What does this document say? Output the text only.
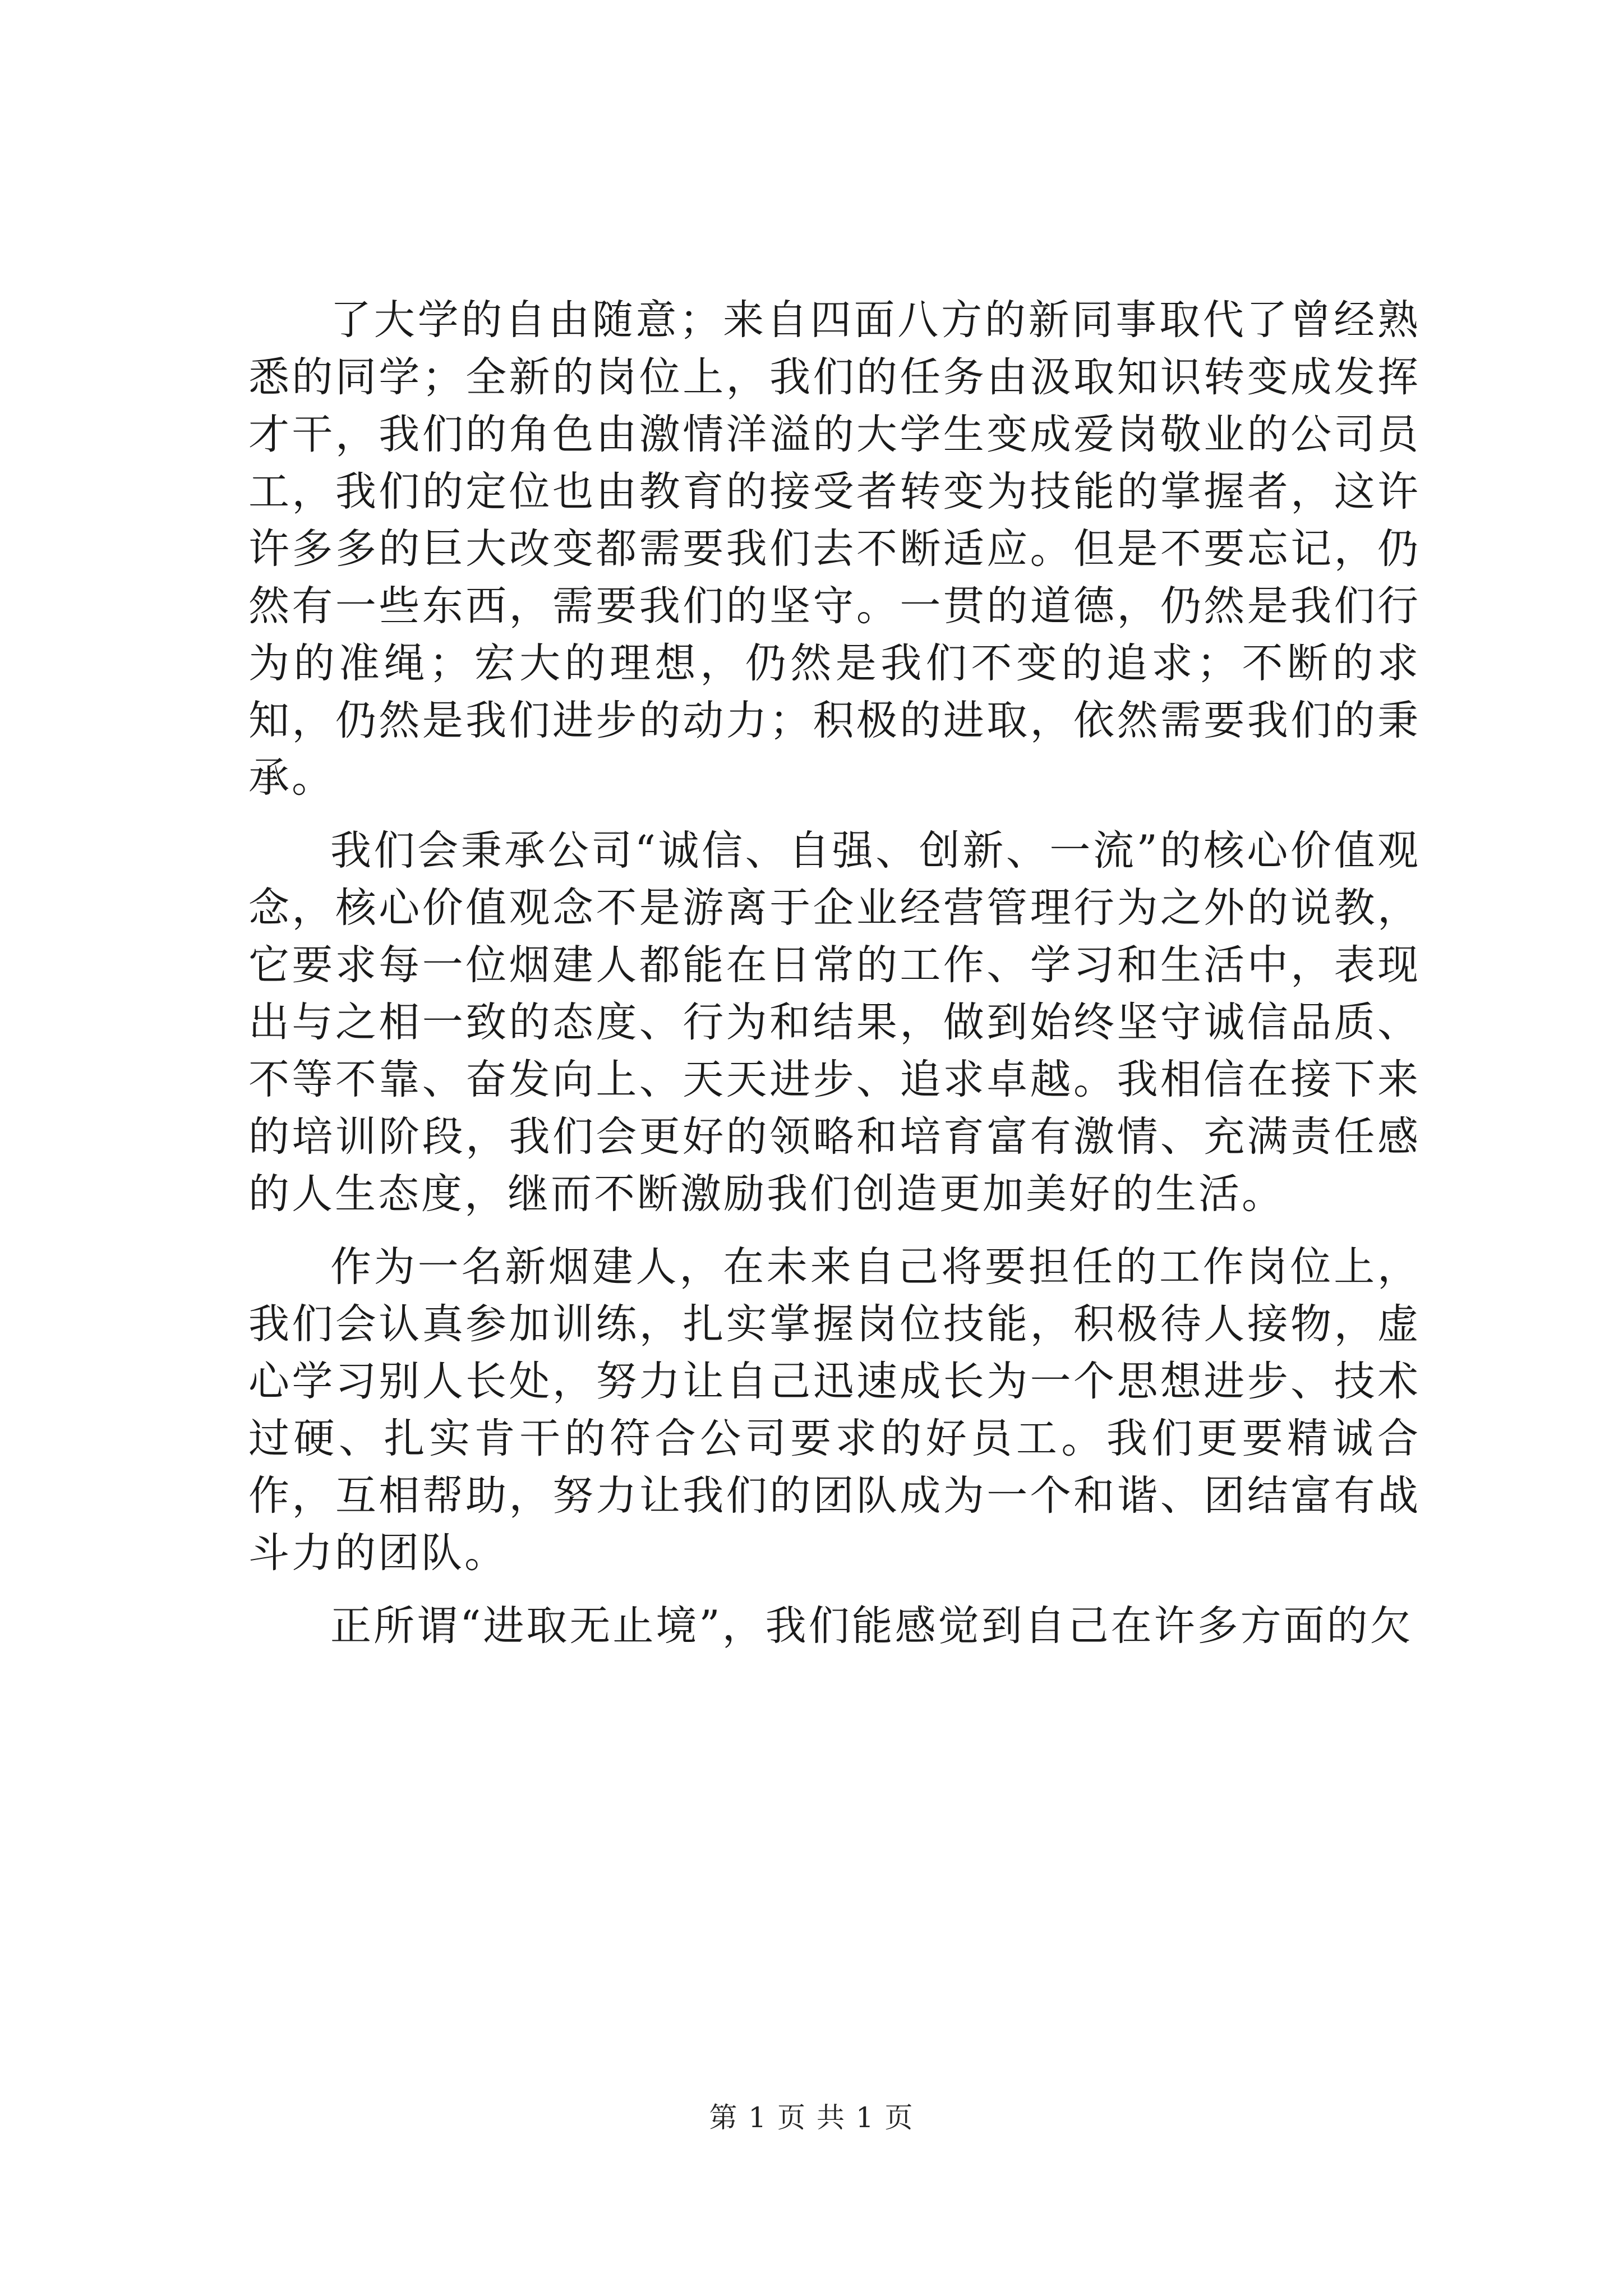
了大学的自由随意；来自四面八方的新同事取代了曾经熟悉的同学；全新的岗位上，我们的任务由汲取知识转变成发挥才干，我们的角色由激情洋溢的大学生变成爱岗敬业的公司员工，我们的定位也由教育的接受者转变为技能的掌握者，这许许多多的巨大改变都需要我们去不断适应。但是不要忘记，仍然有一些东西，需要我们的坚守。一贯的道德，仍然是我们行为的准绳；宏大的理想，仍然是我们不变的追求；不断的求知，仍然是我们进步的动力；积极的进取，依然需要我们的秉承。

我们会秉承公司“诚信、自强、创新、一流”的核心价值观念，核心价值观念不是游离于企业经营管理行为之外的说教，它要求每一位烟建人都能在日常的工作、学习和生活中，表现出与之相一致的态度、行为和结果，做到始终坚守诚信品质、不等不靠、奋发向上、天天进步、追求卓越。我相信在接下来的培训阶段，我们会更好的领略和培育富有激情、充满责任感的人生态度，继而不断激励我们创造更加美好的生活。

作为一名新烟建人，在未来自己将要担任的工作岗位上，我们会认真参加训练，扎实掌握岗位技能，积极待人接物，虚心学习别人长处，努力让自己迅速成长为一个思想进步、技术过硬、扎实肯干的符合公司要求的好员工。我们更要精诚合作，互相帮助，努力让我们的团队成为一个和谐、团结富有战斗力的团队。

正所谓“进取无止境”，我们能感觉到自己在许多方面的欠

第 1 页 共 1 页
